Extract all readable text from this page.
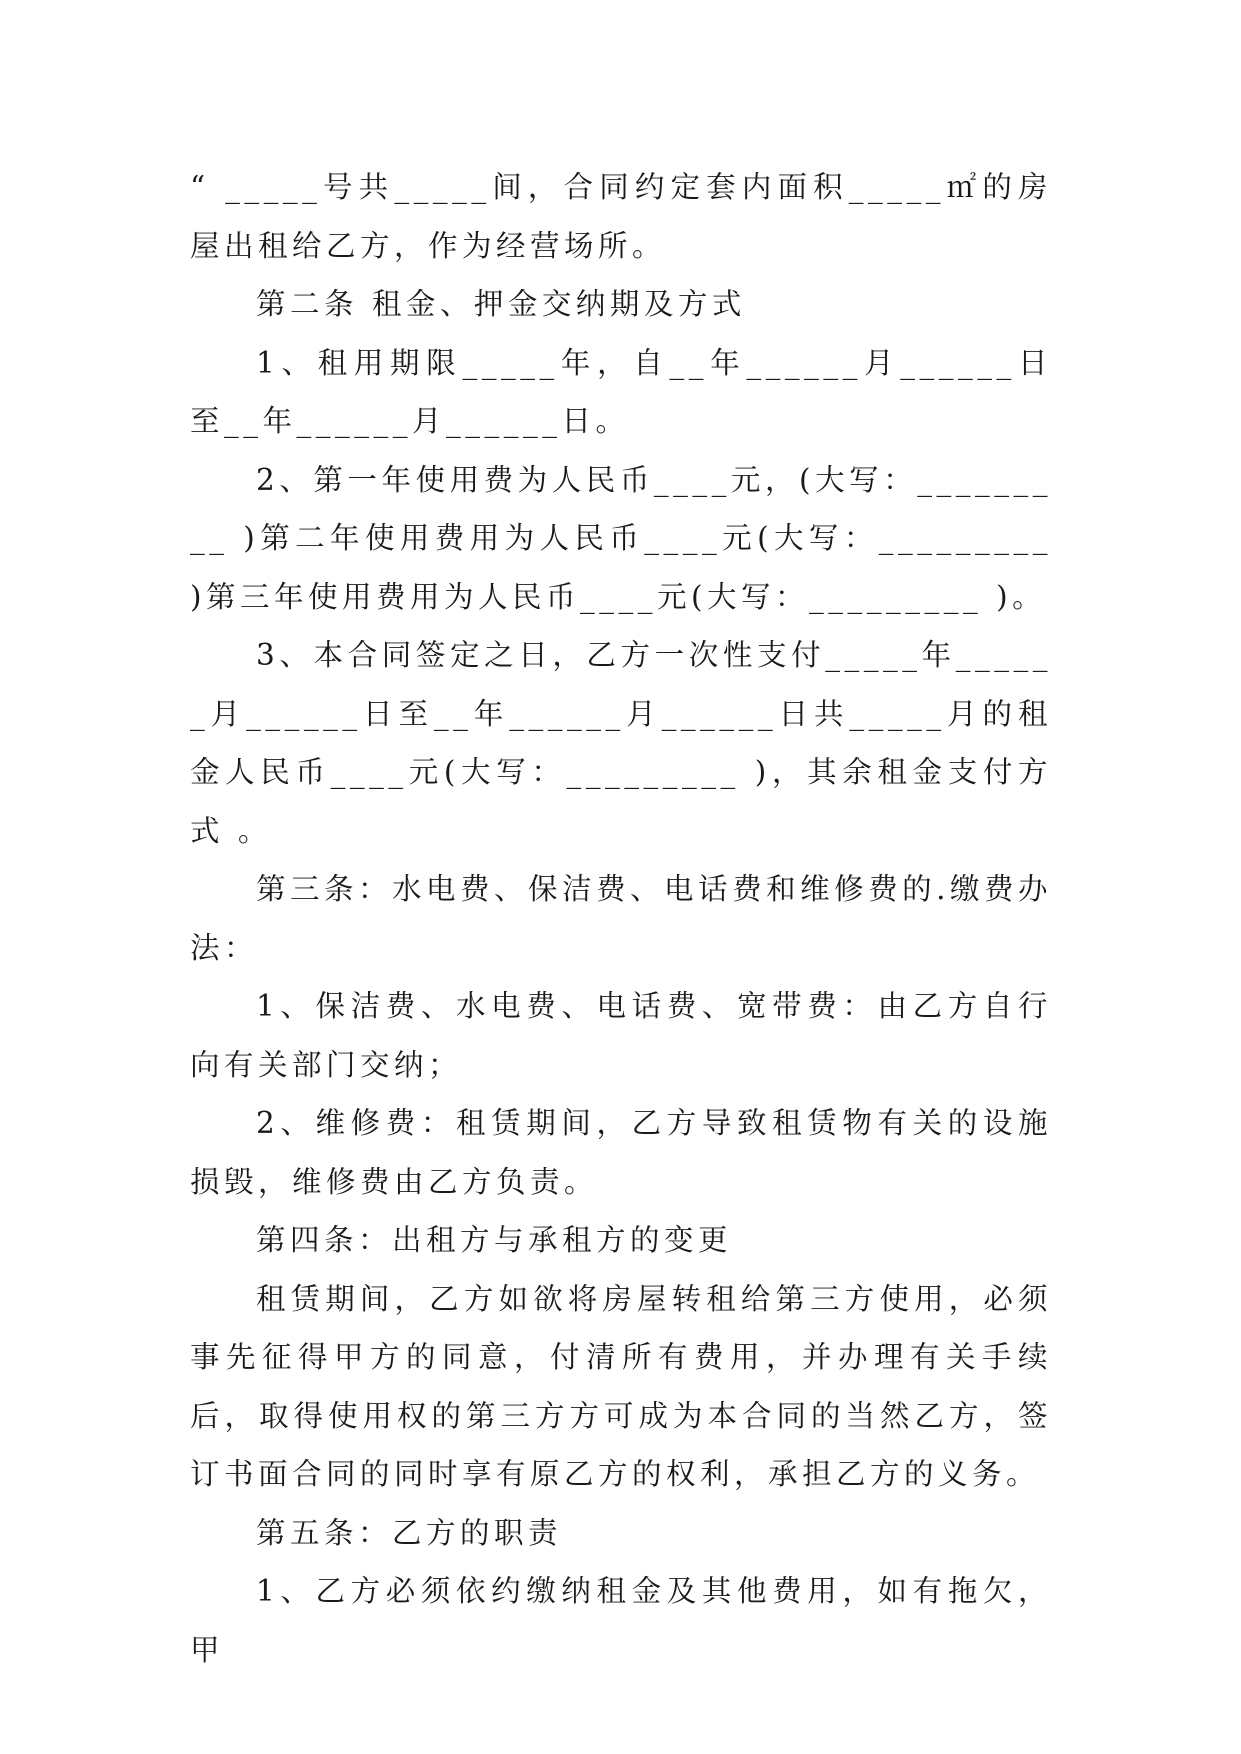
“ _____号共_____间，合同约定套内面积_____㎡的房屋出租给乙方，作为经营场所。

第二条 租金、押金交纳期及方式

1、租用期限_____年，自__年______月______日至__年______月______日。

2、第一年使用费为人民币____元，(大写：_________ )第二年使用费用为人民币____元(大写：_________ )第三年使用费用为人民币____元(大写：_________ )。

3、本合同签定之日，乙方一次性支付_____年______月______日至__年______月______日共_____月的租金人民币____元(大写：_________ )，其余租金支付方式 。

第三条：水电费、保洁费、电话费和维修费的.缴费办法：

1、保洁费、水电费、电话费、宽带费：由乙方自行向有关部门交纳；

2、维修费：租赁期间，乙方导致租赁物有关的设施损毁，维修费由乙方负责。

第四条：出租方与承租方的变更

租赁期间，乙方如欲将房屋转租给第三方使用，必须事先征得甲方的同意，付清所有费用，并办理有关手续后，取得使用权的第三方方可成为本合同的当然乙方，签订书面合同的同时享有原乙方的权利，承担乙方的义务。

第五条：乙方的职责

1、乙方必须依约缴纳租金及其他费用，如有拖欠，甲
